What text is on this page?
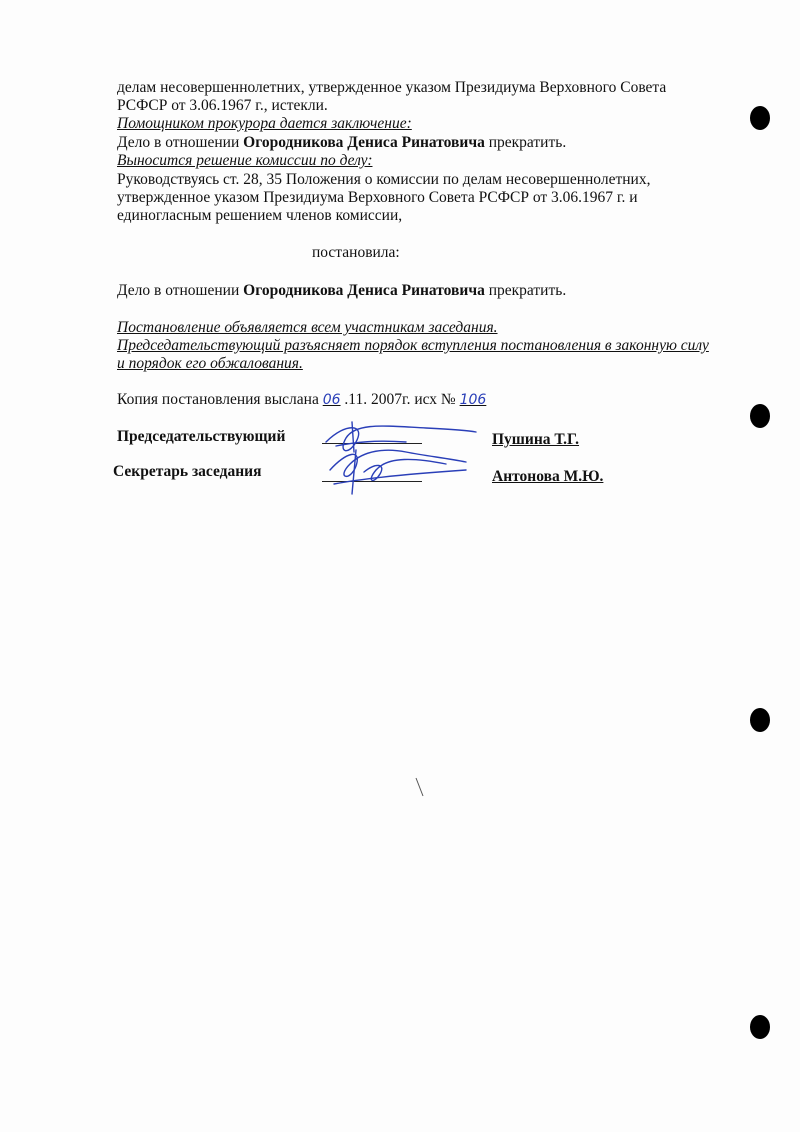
делам несовершеннолетних, утвержденное указом Президиума Верховного Совета
РСФСР от 3.06.1967 г., истекли.
Помощником прокурора дается заключение:
Дело в отношении Огородникова Дениса Ринатовича прекратить.
Выносится решение комиссии по делу:
Руководствуясь ст. 28, 35 Положения о комиссии по делам несовершеннолетних,
утвержденное указом Президиума Верховного Совета РСФСР от 3.06.1967 г. и
единогласным решением членов комиссии,
постановила:
Дело в отношении Огородникова Дениса Ринатовича прекратить.
Постановление объявляется всем участникам заседания.
Председательствующий разъясняет порядок вступления постановления в законную силу
и порядок его обжалования.
Копия постановления выслана 06 .11. 2007г. исх № 106
Председательствующий	Пушина Т.Г.
Секретарь заседания	Антонова М.Ю.
